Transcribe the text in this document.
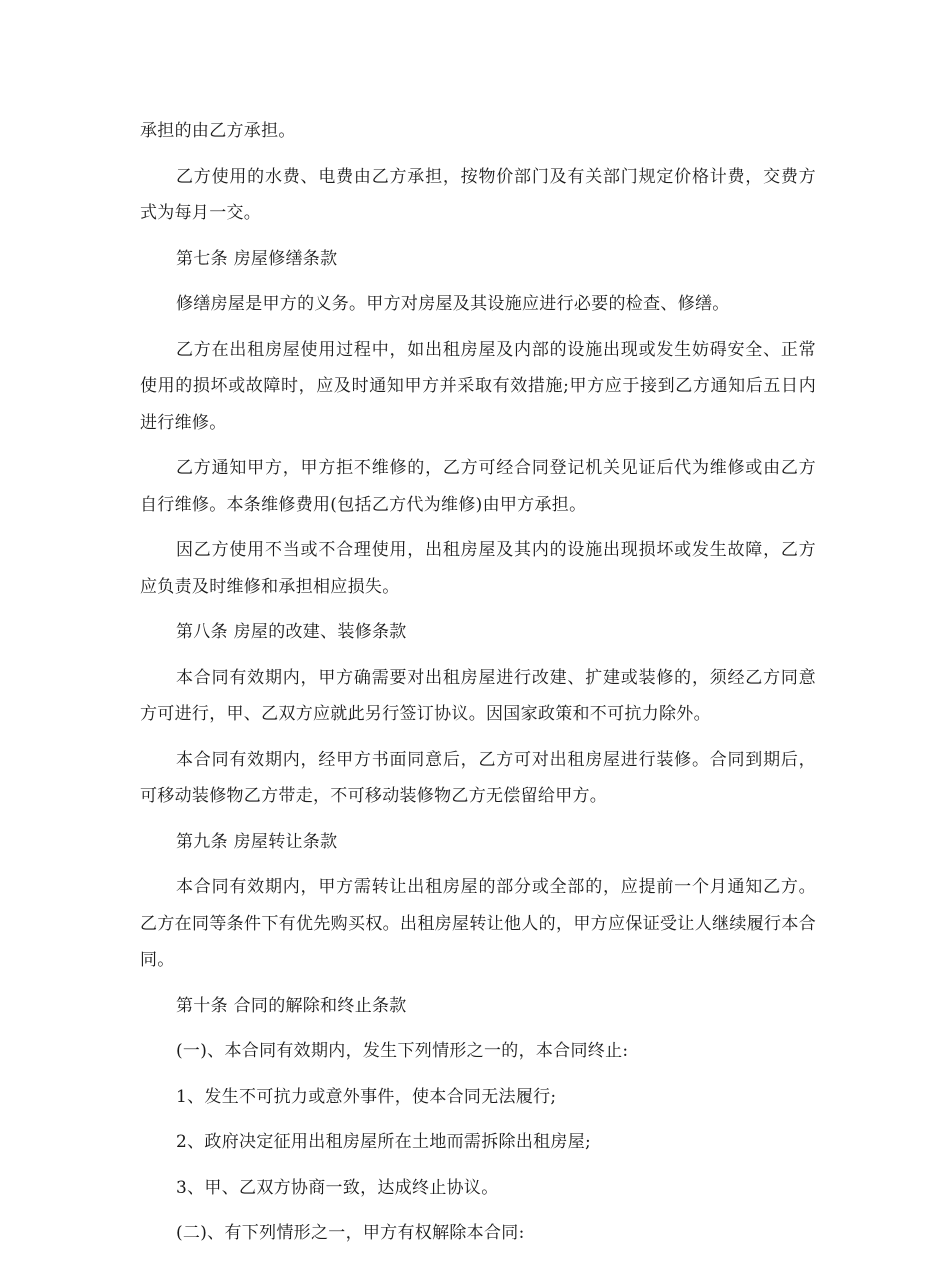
承担的由乙方承担。

乙方使用的水费、电费由乙方承担，按物价部门及有关部门规定价格计费，交费方式为每月一交。

第七条 房屋修缮条款

修缮房屋是甲方的义务。甲方对房屋及其设施应进行必要的检查、修缮。

乙方在出租房屋使用过程中，如出租房屋及内部的设施出现或发生妨碍安全、正常使用的损坏或故障时，应及时通知甲方并采取有效措施;甲方应于接到乙方通知后五日内进行维修。

乙方通知甲方，甲方拒不维修的，乙方可经合同登记机关见证后代为维修或由乙方自行维修。本条维修费用(包括乙方代为维修)由甲方承担。

因乙方使用不当或不合理使用，出租房屋及其内的设施出现损坏或发生故障，乙方应负责及时维修和承担相应损失。

第八条 房屋的改建、装修条款

本合同有效期内，甲方确需要对出租房屋进行改建、扩建或装修的，须经乙方同意方可进行，甲、乙双方应就此另行签订协议。因国家政策和不可抗力除外。

本合同有效期内，经甲方书面同意后，乙方可对出租房屋进行装修。合同到期后，可移动装修物乙方带走，不可移动装修物乙方无偿留给甲方。

第九条 房屋转让条款

本合同有效期内，甲方需转让出租房屋的部分或全部的，应提前一个月通知乙方。乙方在同等条件下有优先购买权。出租房屋转让他人的，甲方应保证受让人继续履行本合同。

第十条 合同的解除和终止条款

(一)、本合同有效期内，发生下列情形之一的，本合同终止:

1、发生不可抗力或意外事件，使本合同无法履行;

2、政府决定征用出租房屋所在土地而需拆除出租房屋;

3、甲、乙双方协商一致，达成终止协议。

(二)、有下列情形之一，甲方有权解除本合同:
